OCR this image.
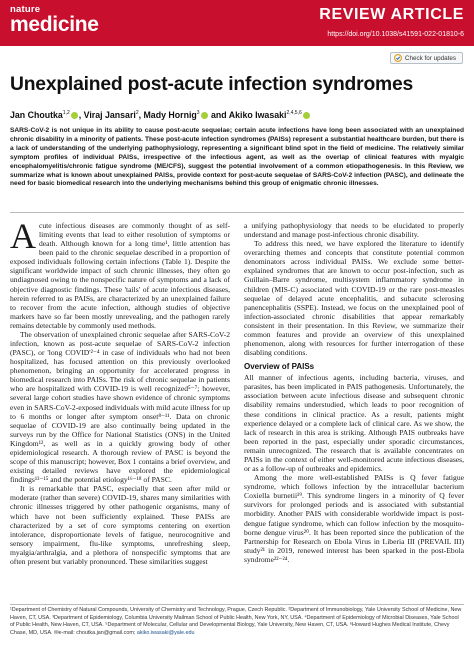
nature
medicine	REVIEW ARTICLE
https://doi.org/10.1038/s41591-022-01810-6
Check for updates
Unexplained post-acute infection syndromes
Jan Choutka$^{1,2}$ , Viraj Jansari$^2$, Mady Hornig$^3$ and Akiko Iwasaki$^{2,4,5,6}$

SARS-CoV-2 is not unique in its ability to cause post-acute sequelae; certain acute infections have long been associated with an unexplained chronic disability in a minority of patients. These post-acute infection syndromes (PAISs) represent a substantial healthcare burden, but there is a lack of understanding of the underlying pathophysiology, representing a significant blind spot in the field of medicine. The relatively similar symptom profiles of individual PAISs, irrespective of the infectious agent, as well as the overlap of clinical features with myalgic encephalomyelitis/chronic fatigue syndrome (ME/CFS), suggest the potential involvement of a common etiopathogenesis. In this Review, we summarize what is known about unexplained PAISs, provide context for post-acute sequelae of SARS-CoV-2 infection (PASC), and delineate the need for basic biomedical research into the underlying mechanisms behind this group of enigmatic chronic illnesses.

Acute infectious diseases are commonly thought of as self-limiting events that lead to either resolution of symptoms or death. Although known for a long time¹, little attention has been paid to the chronic sequelae described in a proportion of exposed individuals following certain infections (Table 1). Despite the significant worldwide impact of such chronic illnesses, they often go undiagnosed owing to the nonspecific nature of symptoms and a lack of objective diagnostic findings. These 'tails' of acute infectious diseases, herein referred to as PAISs, are characterized by an unexplained failure to recover from the acute infection, although studies of objective markers have so far been mostly unrevealing, and the pathogen rarely remains detectable by commonly used methods.

The observation of unexplained chronic sequelae after SARS-CoV-2 infection, known as post-acute sequelae of SARS-CoV-2 infection (PASC), or 'long COVID'²⁻⁴ in case of individuals who had not been hospitalized, has focused attention on this previously overlooked phenomenon, bringing an opportunity for accelerated progress in biomedical research into PAISs. The risk of chronic sequelae in patients who are hospitalized with COVID-19 is well recognized⁵⁻⁷; however, several large cohort studies have shown evidence of chronic symptoms even in SARS-CoV-2-exposed individuals with mild acute illness for up to 6 months or longer after symptom onset⁸⁻¹¹. Data on chronic sequelae of COVID-19 are also continually being updated in the surveys run by the Office for National Statistics (ONS) in the United Kingdom¹², as well as in a quickly growing body of other epidemiological research. A thorough review of PASC is beyond the scope of this manuscript; however, Box 1 contains a brief overview, and existing detailed reviews have explored the epidemiological findings¹³⁻¹⁵ and the potential etiology¹⁶⁻¹⁸ of PASC.

It is remarkable that PASC, especially that seen after mild or moderate (rather than severe) COVID-19, shares many similarities with chronic illnesses triggered by other pathogenic organisms, many of which have not been sufficiently explained. These PAISs are characterized by a set of core symptoms centering on exertion intolerance, disproportionate levels of fatigue, neurocognitive and sensory impairment, flu-like symptoms, unrefreshing sleep, myalgia/arthralgia, and a plethora of nonspecific symptoms that are often present but variably pronounced. These similarities suggest

a unifying pathophysiology that needs to be elucidated to properly understand and manage post-infectious chronic disability.

To address this need, we have explored the literature to identify overarching themes and concepts that constitute potential common denominators across individual PAISs. We exclude some better-explained syndromes that are known to occur post-infection, such as Guillain–Barre syndrome, multisystem inflammatory syndrome in children (MIS-C) associated with COVID-19 or the rare post-measles sequelae of delayed acute encephalitis, and subacute sclerosing panencephalitis (SSPE). Instead, we focus on the unexplained pool of infection-associated chronic disabilities that appear remarkably consistent in their presentation. In this Review, we summarize their common features and provide an overview of this unexplained phenomenon, along with resources for further interrogation of these disabling conditions.

Overview of PAISs

All manner of infectious agents, including bacteria, viruses, and parasites, has been implicated in PAIS pathogenesis. Unfortunately, the association between acute infectious disease and subsequent chronic disability remains understudied, which leads to poor recognition of these conditions in clinical practice. As a result, patients might experience delayed or a complete lack of clinical care. As we show, the lack of research in this area is striking. Although PAIS outbreaks have been reported in the past, especially under sporadic circumstances, remain unrecognized. The research that is available concentrates on PAISs in the context of either well-monitored acute infectious diseases, or as a follow-up of outbreaks and epidemics.

Among the more well-established PAISs is Q fever fatigue syndrome, which follows infection by the intracellular bacterium Coxiella burnetii¹⁹. This syndrome lingers in a minority of Q fever survivors for prolonged periods and is associated with substantial morbidity. Another PAIS with considerable worldwide impact is post-dengue fatigue syndrome, which can follow infection by the mosquito-borne dengue virus²⁰. It has been reported since the publication of the Partnership for Research on Ebola Virus in Liberia III (PREVAIL III) study²¹ in 2019, renewed interest has been sparked in the post-Ebola syndrome²²⁻²⁴.

¹Department of Chemistry of Natural Compounds, University of Chemistry and Technology, Prague, Czech Republic. ²Department of Immunobiology, Yale University School of Medicine, New Haven, CT, USA. ³Department of Epidemiology, Columbia University Mailman School of Public Health, New York, NY, USA. ⁴Department of Epidemiology of Microbial Diseases, Yale School of Public Health, New Haven, CT, USA. ⁵Department of Molecular, Cellular and Developmental Biology, Yale University, New Haven, CT, USA. ⁶Howard Hughes Medical Institute, Chevy Chase, MD, USA. ✉e-mail: choutka.jan@gmail.com; akiko.iwasaki@yale.edu
